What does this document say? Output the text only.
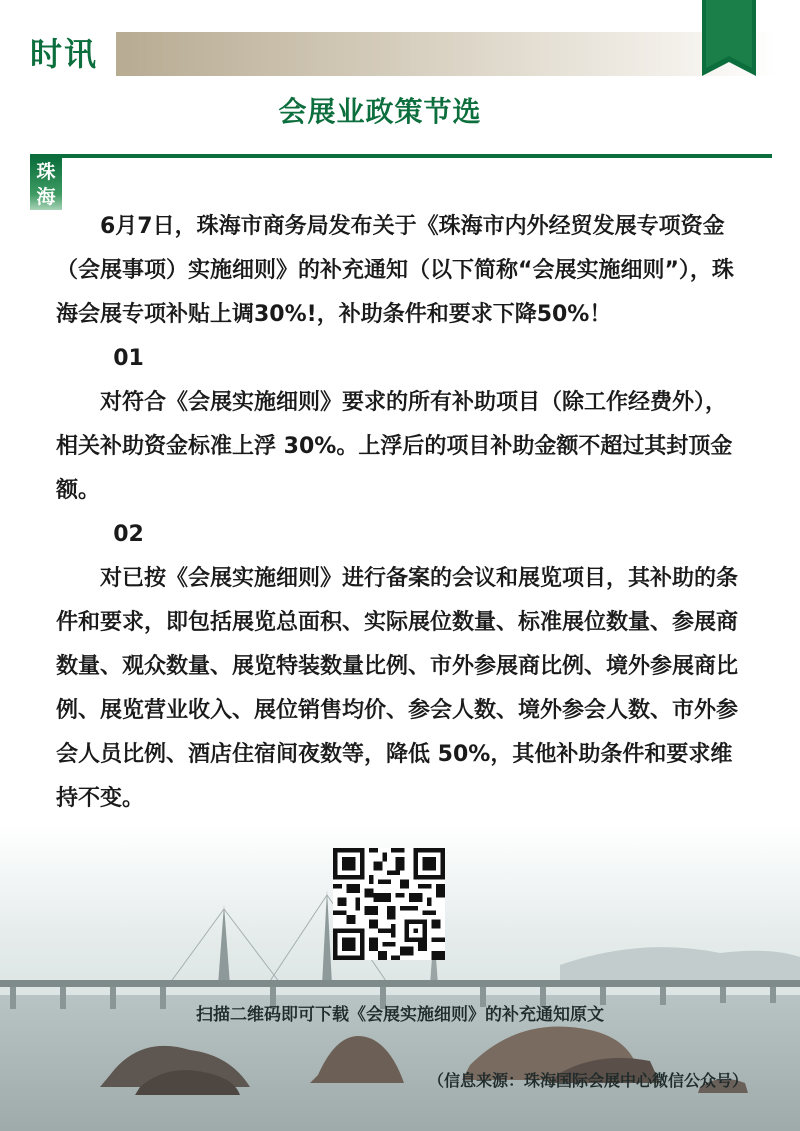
时讯
会展业政策节选
珠海

6月7日，珠海市商务局发布关于《珠海市内外经贸发展专项资金（会展事项）实施细则》的补充通知（以下简称“会展实施细则”），珠海会展专项补贴上调30%!，补助条件和要求下降50%！

01

对符合《会展实施细则》要求的所有补助项目（除工作经费外），相关补助资金标准上浮 30%。上浮后的项目补助金额不超过其封顶金额。

02

对已按《会展实施细则》进行备案的会议和展览项目，其补助的条件和要求，即包括展览总面积、实际展位数量、标准展位数量、参展商数量、观众数量、展览特装数量比例、市外参展商比例、境外参展商比例、展览营业收入、展位销售均价、参会人数、境外参会人数、市外参会人员比例、酒店住宿间夜数等，降低 50%，其他补助条件和要求维持不变。

扫描二维码即可下载《会展实施细则》的补充通知原文
（信息来源：珠海国际会展中心微信公众号）
